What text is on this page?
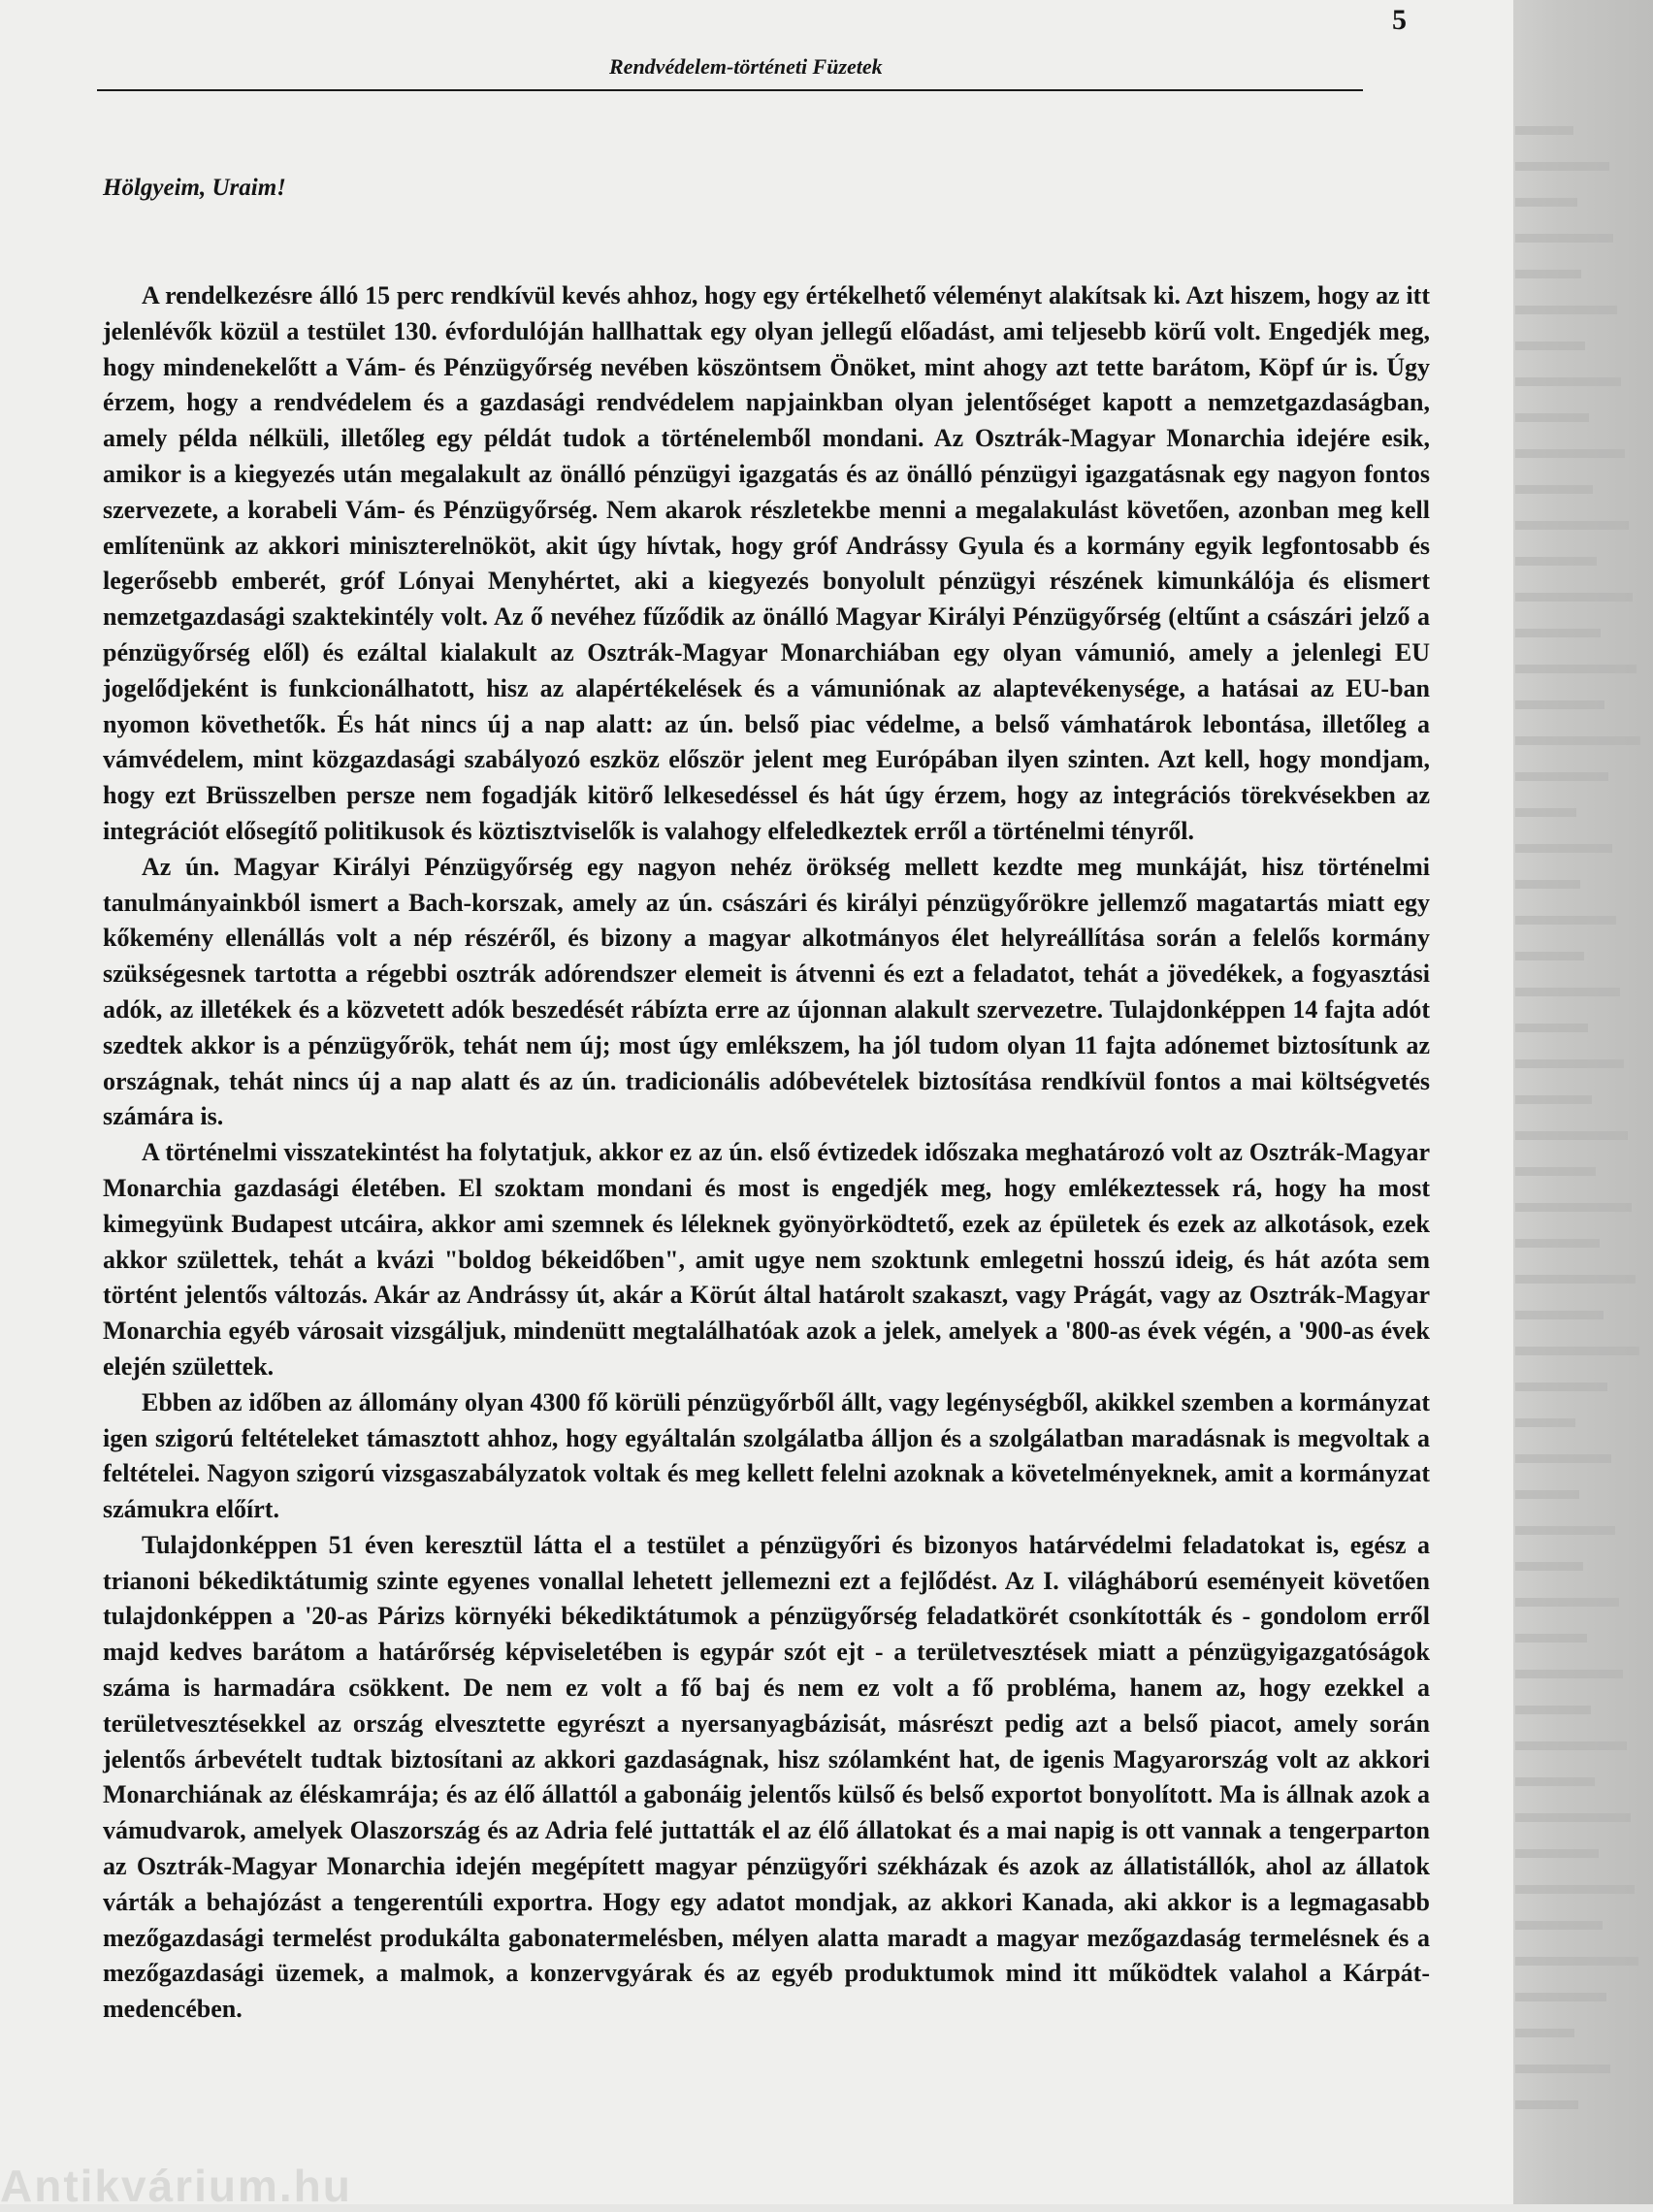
5
Rendvédelem-történeti Füzetek
Hölgyeim, Uraim!

A rendelkezésre álló 15 perc rendkívül kevés ahhoz, hogy egy értékelhető véleményt alakítsak ki. Azt hiszem, hogy az itt jelenlévők közül a testület 130. évfordulóján hallhattak egy olyan jellegű előadást, ami teljesebb körű volt. Engedjék meg, hogy mindenekelőtt a Vám- és Pénzügyőrség nevében köszöntsem Önöket, mint ahogy azt tette barátom, Köpf úr is. Úgy érzem, hogy a rendvédelem és a gazdasági rendvédelem napjainkban olyan jelentőséget kapott a nemzetgazdaságban, amely példa nélküli, illetőleg egy példát tudok a történelemből mondani. Az Osztrák-Magyar Monarchia idejére esik, amikor is a kiegyezés után megalakult az önálló pénzügyi igazgatás és az önálló pénzügyi igazgatásnak egy nagyon fontos szervezete, a korabeli Vám- és Pénzügyőrség. Nem akarok részletekbe menni a megalakulást követően, azonban meg kell említenünk az akkori miniszterelnököt, akit úgy hívtak, hogy gróf Andrássy Gyula és a kormány egyik legfontosabb és legerősebb emberét, gróf Lónyai Menyhértet, aki a kiegyezés bonyolult pénzügyi részének kimunkálója és elismert nemzetgazdasági szaktekintély volt. Az ő nevéhez fűződik az önálló Magyar Királyi Pénzügyőrség (eltűnt a császári jelző a pénzügyőrség elől) és ezáltal kialakult az Osztrák-Magyar Monarchiában egy olyan vámunió, amely a jelenlegi EU jogelődjeként is funkcionálhatott, hisz az alapértékelések és a vámuniónak az alaptevékenysége, a hatásai az EU-ban nyomon követhetők. És hát nincs új a nap alatt: az ún. belső piac védelme, a belső vámhatárok lebontása, illetőleg a vámvédelem, mint közgazdasági szabályozó eszköz először jelent meg Európában ilyen szinten. Azt kell, hogy mondjam, hogy ezt Brüsszelben persze nem fogadják kitörő lelkesedéssel és hát úgy érzem, hogy az integrációs törekvésekben az integrációt elősegítő politikusok és köztisztviselők is valahogy elfeledkeztek erről a történelmi tényről.

Az ún. Magyar Királyi Pénzügyőrség egy nagyon nehéz örökség mellett kezdte meg munkáját, hisz történelmi tanulmányainkból ismert a Bach-korszak, amely az ún. császári és királyi pénzügyőrökre jellemző magatartás miatt egy kőkemény ellenállás volt a nép részéről, és bizony a magyar alkotmányos élet helyreállítása során a felelős kormány szükségesnek tartotta a régebbi osztrák adórendszer elemeit is átvenni és ezt a feladatot, tehát a jövedékek, a fogyasztási adók, az illetékek és a közvetett adók beszedését rábízta erre az újonnan alakult szervezetre. Tulajdonképpen 14 fajta adót szedtek akkor is a pénzügyőrök, tehát nem új; most úgy emlékszem, ha jól tudom olyan 11 fajta adónemet biztosítunk az országnak, tehát nincs új a nap alatt és az ún. tradicionális adóbevételek biztosítása rendkívül fontos a mai költségvetés számára is.

A történelmi visszatekintést ha folytatjuk, akkor ez az ún. első évtizedek időszaka meghatározó volt az Osztrák-Magyar Monarchia gazdasági életében. El szoktam mondani és most is engedjék meg, hogy emlékeztessek rá, hogy ha most kimegyünk Budapest utcáira, akkor ami szemnek és léleknek gyönyörködtető, ezek az épületek és ezek az alkotások, ezek akkor születtek, tehát a kvázi "boldog békeidőben", amit ugye nem szoktunk emlegetni hosszú ideig, és hát azóta sem történt jelentős változás. Akár az Andrássy út, akár a Körút által határolt szakaszt, vagy Prágát, vagy az Osztrák-Magyar Monarchia egyéb városait vizsgáljuk, mindenütt megtalálhatóak azok a jelek, amelyek a '800-as évek végén, a '900-as évek elején születtek.

Ebben az időben az állomány olyan 4300 fő körüli pénzügyőrből állt, vagy legénységből, akikkel szemben a kormányzat igen szigorú feltételeket támasztott ahhoz, hogy egyáltalán szolgálatba álljon és a szolgálatban maradásnak is megvoltak a feltételei. Nagyon szigorú vizsgaszabályzatok voltak és meg kellett felelni azoknak a követelményeknek, amit a kormányzat számukra előírt.

Tulajdonképpen 51 éven keresztül látta el a testület a pénzügyőri és bizonyos határvédelmi feladatokat is, egész a trianoni békediktátumig szinte egyenes vonallal lehetett jellemezni ezt a fejlődést. Az I. világháború eseményeit követően tulajdonképpen a '20-as Párizs környéki békediktátumok a pénzügyőrség feladatkörét csonkították és - gondolom erről majd kedves barátom a határőrség képviseletében is egypár szót ejt - a területvesztések miatt a pénzügyigazgatóságok száma is harmadára csökkent. De nem ez volt a fő baj és nem ez volt a fő probléma, hanem az, hogy ezekkel a területvesztésekkel az ország elvesztette egyrészt a nyersanyagbázisát, másrészt pedig azt a belső piacot, amely során jelentős árbevételt tudtak biztosítani az akkori gazdaságnak, hisz szólamként hat, de igenis Magyarország volt az akkori Monarchiának az éléskamrája; és az élő állattól a gabonáig jelentős külső és belső exportot bonyolított. Ma is állnak azok a vámudvarok, amelyek Olaszország és az Adria felé juttatták el az élő állatokat és a mai napig is ott vannak a tengerparton az Osztrák-Magyar Monarchia idején megépített magyar pénzügyőri székházak és azok az állatistállók, ahol az állatok várták a behajózást a tengerentúli exportra. Hogy egy adatot mondjak, az akkori Kanada, aki akkor is a legmagasabb mezőgazdasági termelést produkálta gabonatermelésben, mélyen alatta maradt a magyar mezőgazdaság termelésnek és a mezőgazdasági üzemek, a malmok, a konzervgyárak és az egyéb produktumok mind itt működtek valahol a Kárpát-medencében.

Antikvárium.hu
